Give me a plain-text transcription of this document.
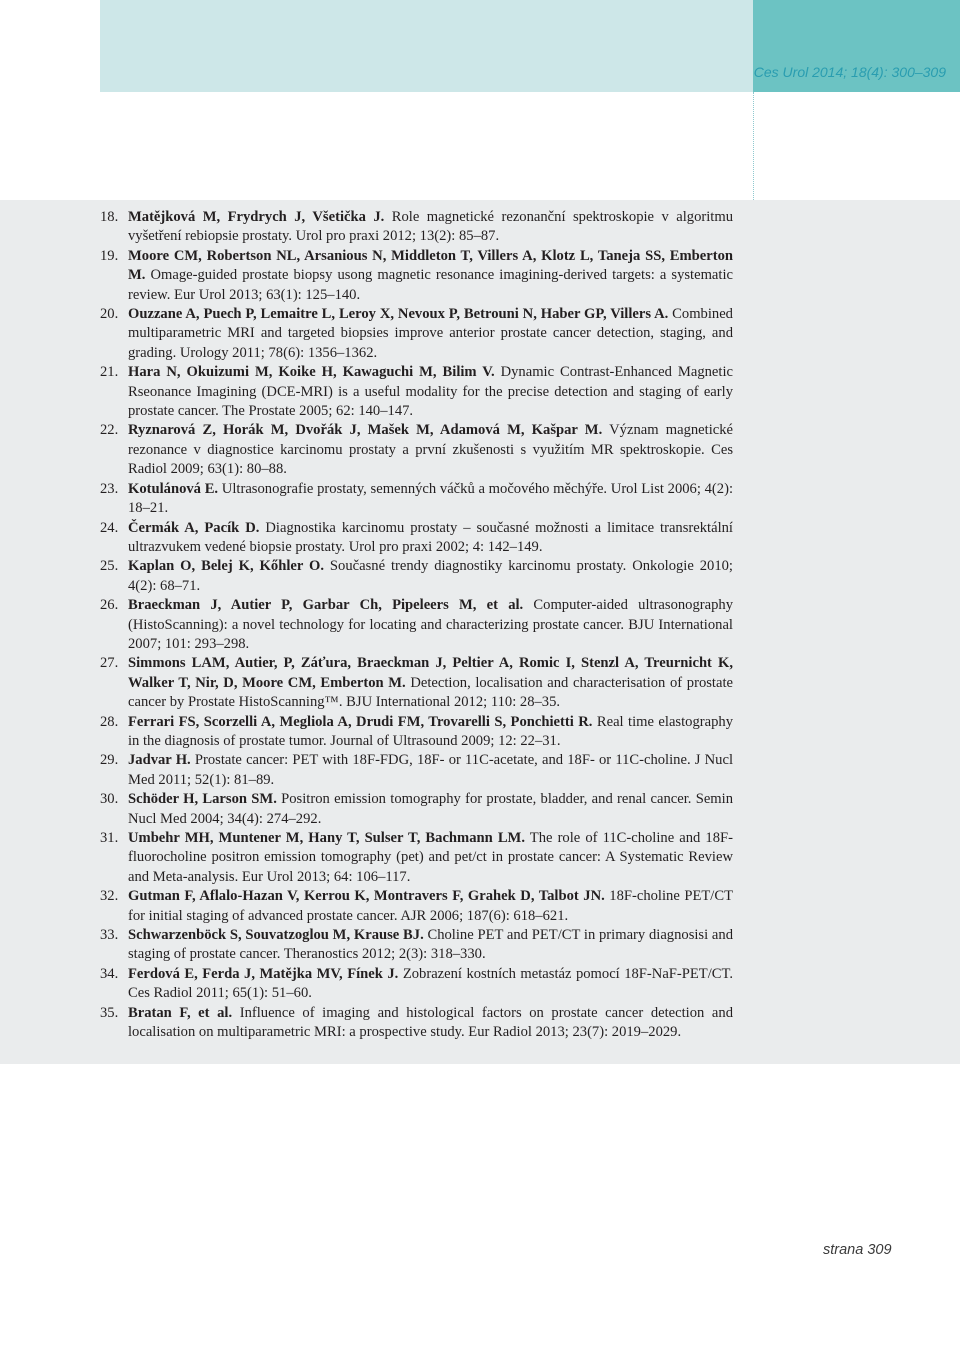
Ces Urol 2014; 18(4): 300–309
18. Matějková M, Frydrych J, Všetička J. Role magnetické rezonanční spektroskopie v algoritmu vyšetření rebiopsie prostaty. Urol pro praxi 2012; 13(2): 85–87.
19. Moore CM, Robertson NL, Arsanious N, Middleton T, Villers A, Klotz L, Taneja SS, Emberton M. Omage-guided prostate biopsy usong magnetic resonance imagining-derived targets: a systematic review. Eur Urol 2013; 63(1): 125–140.
20. Ouzzane A, Puech P, Lemaitre L, Leroy X, Nevoux P, Betrouni N, Haber GP, Villers A. Combined multiparametric MRI and targeted biopsies improve anterior prostate cancer detection, staging, and grading. Urology 2011; 78(6): 1356–1362.
21. Hara N, Okuizumi M, Koike H, Kawaguchi M, Bilim V. Dynamic Contrast-Enhanced Magnetic Rseonance Imagining (DCE-MRI) is a useful modality for the precise detection and staging of early prostate cancer. The Prostate 2005; 62: 140–147.
22. Ryznarová Z, Horák M, Dvořák J, Mašek M, Adamová M, Kašpar M. Význam magnetické rezonance v diagnostice karcinomu prostaty a první zkušenosti s využitím MR spektroskopie. Ces Radiol 2009; 63(1): 80–88.
23. Kotulánová E. Ultrasonografie prostaty, semenných váčků a močového měchýře. Urol List 2006; 4(2): 18–21.
24. Čermák A, Pacík D. Diagnostika karcinomu prostaty – současné možnosti a limitace transrektální ultrazvukem vedené biopsie prostaty. Urol pro praxi 2002; 4: 142–149.
25. Kaplan O, Belej K, Kőhler O. Současné trendy diagnostiky karcinomu prostaty. Onkologie 2010; 4(2): 68–71.
26. Braeckman J, Autier P, Garbar Ch, Pipeleers M, et al. Computer-aided ultrasonography (HistoScanning): a novel technology for locating and characterizing prostate cancer. BJU International 2007; 101: 293–298.
27. Simmons LAM, Autier, P, Záťura, Braeckman J, Peltier A, Romic I, Stenzl A, Treurnicht K, Walker T, Nir, D, Moore CM, Emberton M. Detection, localisation and characterisation of prostate cancer by Prostate HistoScanning™. BJU International 2012; 110: 28–35.
28. Ferrari FS, Scorzelli A, Megliola A, Drudi FM, Trovarelli S, Ponchietti R. Real time elastography in the diagnosis of prostate tumor. Journal of Ultrasound 2009; 12: 22–31.
29. Jadvar H. Prostate cancer: PET with 18F-FDG, 18F- or 11C-acetate, and 18F- or 11C-choline. J Nucl Med 2011; 52(1): 81–89.
30. Schöder H, Larson SM. Positron emission tomography for prostate, bladder, and renal cancer. Semin Nucl Med 2004; 34(4): 274–292.
31. Umbehr MH, Muntener M, Hany T, Sulser T, Bachmann LM. The role of 11C-choline and 18F-fluorocholine positron emission tomography (pet) and pet/ct in prostate cancer: A Systematic Review and Meta-analysis. Eur Urol 2013; 64: 106–117.
32. Gutman F, Aflalo-Hazan V, Kerrou K, Montravers F, Grahek D, Talbot JN. 18F-choline PET/CT for initial staging of advanced prostate cancer. AJR 2006; 187(6): 618–621.
33. Schwarzenböck S, Souvatzoglou M, Krause BJ. Choline PET and PET/CT in primary diagnosisi and staging of prostate cancer. Theranostics 2012; 2(3): 318–330.
34. Ferdová E, Ferda J, Matějka MV, Fínek J. Zobrazení kostních metastáz pomocí 18F-NaF-PET/CT. Ces Radiol 2011; 65(1): 51–60.
35. Bratan F, et al. Influence of imaging and histological factors on prostate cancer detection and localisation on multiparametric MRI: a prospective study. Eur Radiol 2013; 23(7): 2019–2029.
strana 309
